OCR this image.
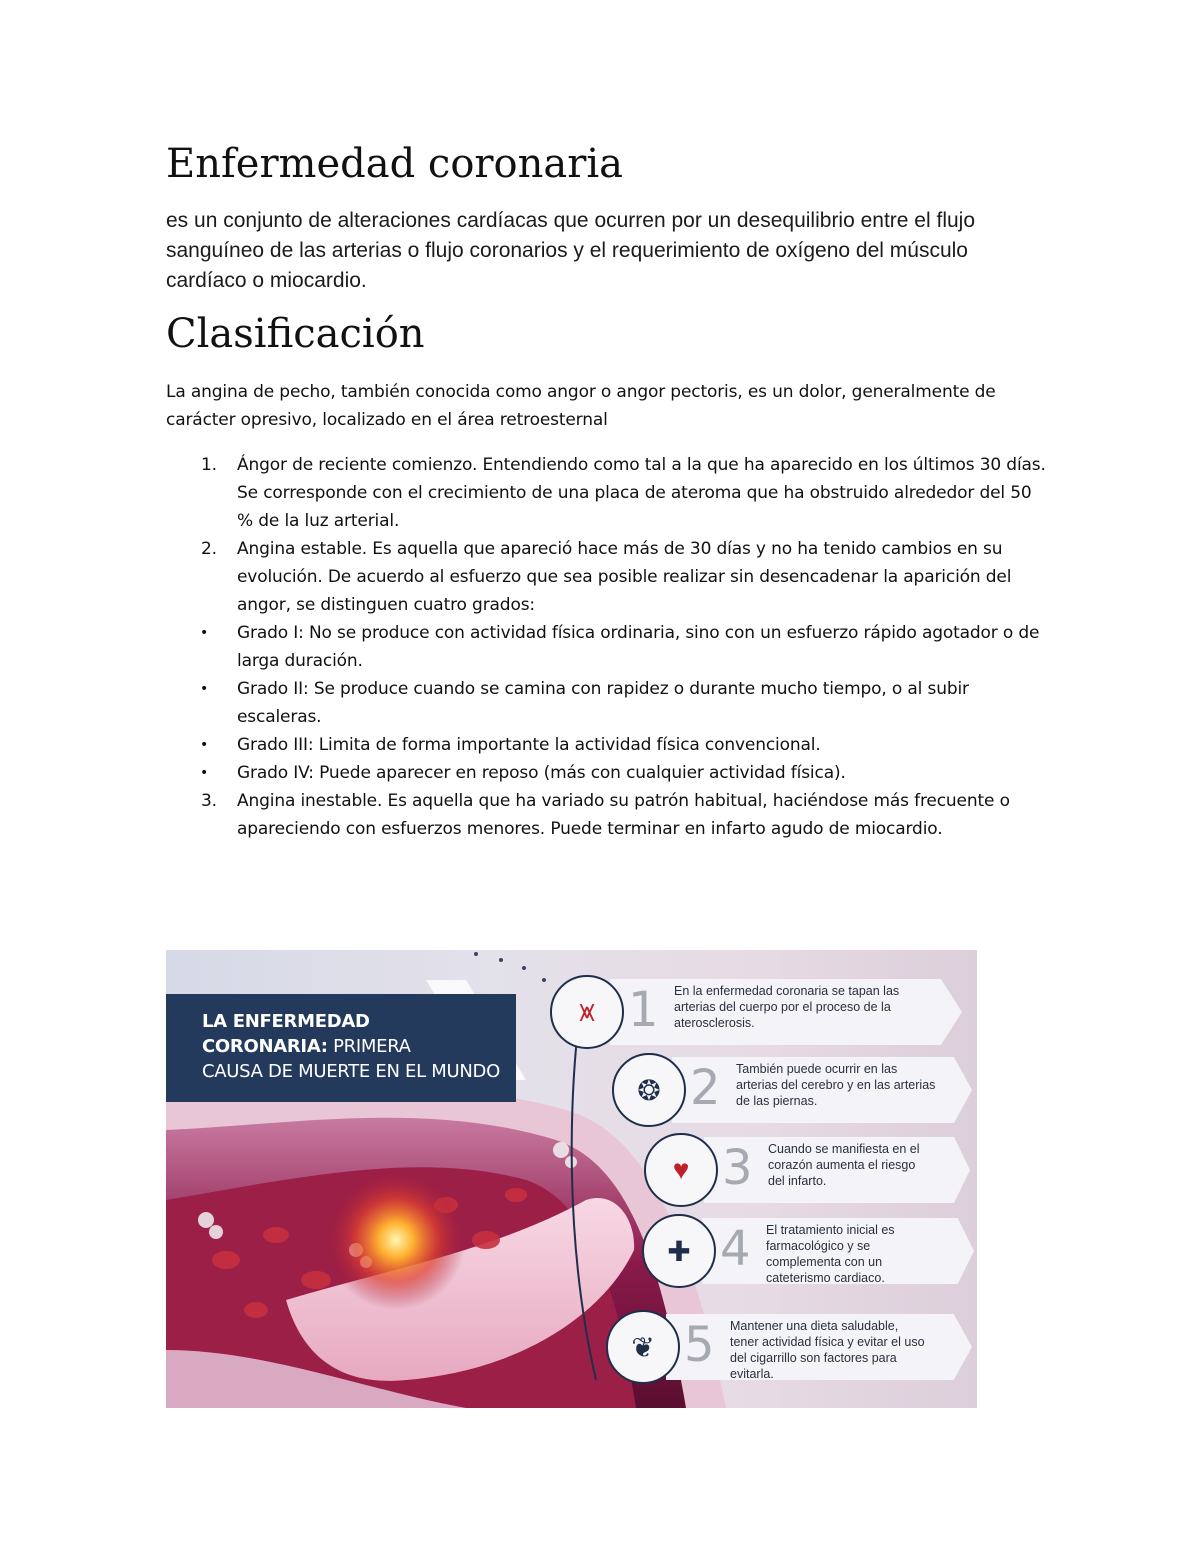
Enfermedad coronaria

es un conjunto de alteraciones cardíacas que ocurren por un desequilibrio entre el flujo sanguíneo de las arterias o flujo coronarios y el requerimiento de oxígeno del músculo cardíaco o miocardio.

Clasificación

La angina de pecho, también conocida como angor o angor pectoris, es un dolor, generalmente de carácter opresivo, localizado en el área retroesternal

1.	Ángor de reciente comienzo. Entendiendo como tal a la que ha aparecido en los últimos 30 días. Se corresponde con el crecimiento de una placa de ateroma que ha obstruido alrededor del 50 % de la luz arterial.
2.	Angina estable. Es aquella que apareció hace más de 30 días y no ha tenido cambios en su evolución. De acuerdo al esfuerzo que sea posible realizar sin desencadenar la aparición del angor, se distinguen cuatro grados:
•	Grado I: No se produce con actividad física ordinaria, sino con un esfuerzo rápido agotador o de larga duración.
•	Grado II: Se produce cuando se camina con rapidez o durante mucho tiempo, o al subir escaleras.
•	Grado III: Limita de forma importante la actividad física convencional.
•	Grado IV: Puede aparecer en reposo (más con cualquier actividad física).
3.	Angina inestable. Es aquella que ha variado su patrón habitual, haciéndose más frecuente o apareciendo con esfuerzos menores. Puede terminar en infarto agudo de miocardio.
LA ENFERMEDAD
CORONARIA: PRIMERA
CAUSA DE MUERTE EN EL MUNDO
⩙ 1 En la enfermedad coronaria se tapan las arterias del cuerpo por el proceso de la aterosclerosis.
❂ 2 También puede ocurrir en las arterias del cerebro y en las arterias de las piernas.
♥ 3 Cuando se manifiesta en el corazón aumenta el riesgo del infarto.
✚ 4 El tratamiento inicial es farmacológico y se complementa con un cateterismo cardiaco.
❦ 5 Mantener una dieta saludable, tener actividad física y evitar el uso del cigarrillo son factores para evitarla.
